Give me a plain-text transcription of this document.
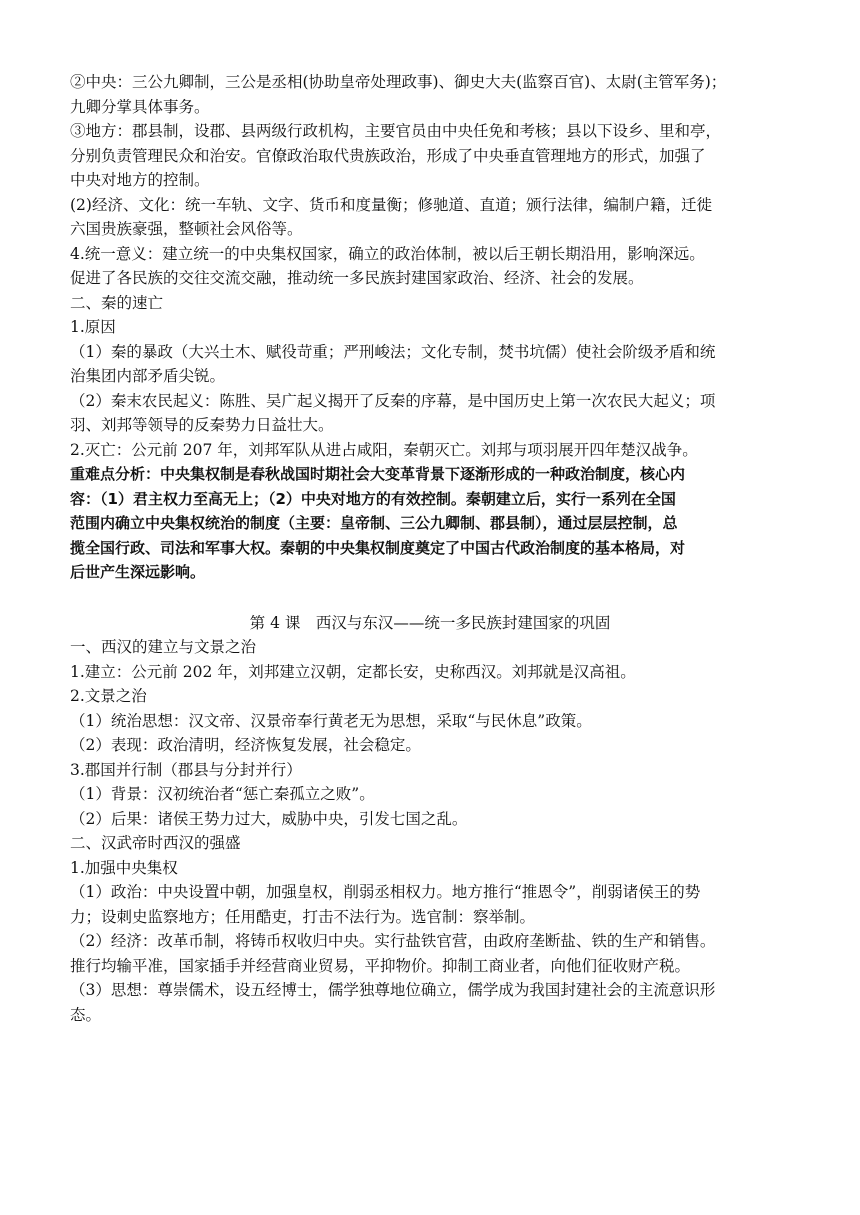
②中央：三公九卿制，三公是丞相(协助皇帝处理政事)、御史大夫(监察百官)、太尉(主管军务)；
九卿分掌具体事务。
③地方：郡县制，设郡、县两级行政机构，主要官员由中央任免和考核；县以下设乡、里和亭，
分别负责管理民众和治安。官僚政治取代贵族政治，形成了中央垂直管理地方的形式，加强了
中央对地方的控制。
(2)经济、文化：统一车轨、文字、货币和度量衡；修驰道、直道；颁行法律，编制户籍，迁徙
六国贵族豪强，整顿社会风俗等。
4.统一意义：建立统一的中央集权国家，确立的政治体制，被以后王朝长期沿用，影响深远。
促进了各民族的交往交流交融，推动统一多民族封建国家政治、经济、社会的发展。
二、秦的速亡
1.原因
（1）秦的暴政（大兴土木、赋役苛重；严刑峻法；文化专制，焚书坑儒）使社会阶级矛盾和统
治集团内部矛盾尖锐。
（2）秦末农民起义：陈胜、吴广起义揭开了反秦的序幕，是中国历史上第一次农民大起义；项
羽、刘邦等领导的反秦势力日益壮大。
2.灭亡：公元前 207 年，刘邦军队从进占咸阳，秦朝灭亡。刘邦与项羽展开四年楚汉战争。
重难点分析：中央集权制是春秋战国时期社会大变革背景下逐渐形成的一种政治制度，核心内
容：（1）君主权力至高无上；（2）中央对地方的有效控制。秦朝建立后，实行一系列在全国
范围内确立中央集权统治的制度（主要：皇帝制、三公九卿制、郡县制），通过层层控制，总
揽全国行政、司法和军事大权。秦朝的中央集权制度奠定了中国古代政治制度的基本格局，对
后世产生深远影响。
第 4 课　西汉与东汉——统一多民族封建国家的巩固
一、西汉的建立与文景之治
1.建立：公元前 202 年，刘邦建立汉朝，定都长安，史称西汉。刘邦就是汉高祖。
2.文景之治
（1）统治思想：汉文帝、汉景帝奉行黄老无为思想，采取“与民休息”政策。
（2）表现：政治清明，经济恢复发展，社会稳定。
3.郡国并行制（郡县与分封并行）
（1）背景：汉初统治者“惩亡秦孤立之败”。
（2）后果：诸侯王势力过大，威胁中央，引发七国之乱。
二、汉武帝时西汉的强盛
1.加强中央集权
（1）政治：中央设置中朝，加强皇权，削弱丞相权力。地方推行“推恩令”，削弱诸侯王的势
力；设刺史监察地方；任用酷吏，打击不法行为。选官制：察举制。
（2）经济：改革币制，将铸币权收归中央。实行盐铁官营，由政府垄断盐、铁的生产和销售。
推行均输平准，国家插手并经营商业贸易，平抑物价。抑制工商业者，向他们征收财产税。
（3）思想：尊崇儒术，设五经博士，儒学独尊地位确立，儒学成为我国封建社会的主流意识形
态。
